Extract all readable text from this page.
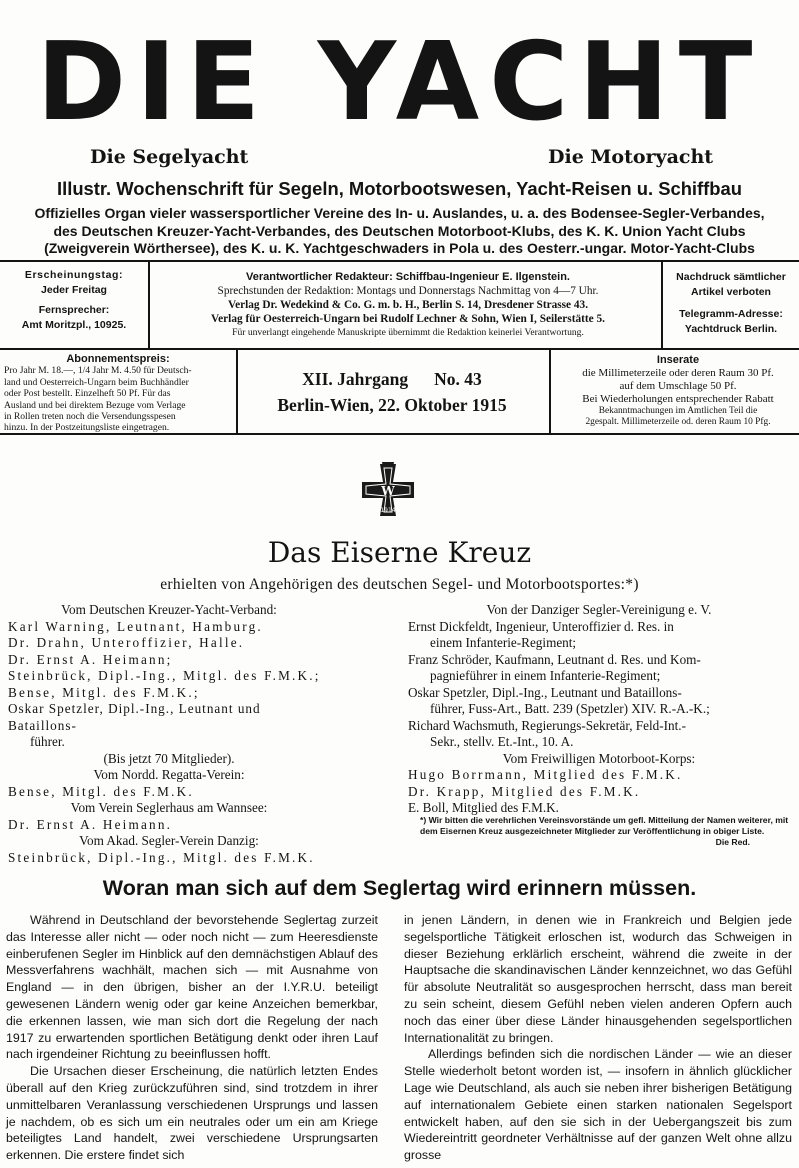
DIE YACHT
Die Segelyacht	Die Motoryacht
Illustr. Wochenschrift für Segeln, Motorbootswesen, Yacht-Reisen u. Schiffbau
Offizielles Organ vieler wassersportlicher Vereine des In- u. Auslandes, u. a. des Bodensee-Segler-Verbandes,
des Deutschen Kreuzer-Yacht-Verbandes, des Deutschen Motorboot-Klubs, des K. K. Union Yacht Clubs
(Zweigverein Wörthersee), des K. u. K. Yachtgeschwaders in Pola u. des Oesterr.-ungar. Motor-Yacht-Clubs
Erscheinungstag:
Jeder Freitag
Fernsprecher:
Amt Moritzpl., 10925.
Verantwortlicher Redakteur: Schiffbau-Ingenieur E. Ilgenstein.
Sprechstunden der Redaktion: Montags und Donnerstags Nachmittag von 4—7 Uhr.
Verlag Dr. Wedekind & Co. G. m. b. H., Berlin S. 14, Dresdener Strasse 43.
Verlag für Oesterreich-Ungarn bei Rudolf Lechner & Sohn, Wien I, Seilerstätte 5.
Für unverlangt eingehende Manuskripte übernimmt die Redaktion keinerlei Verantwortung.
Nachdruck sämtlicher
Artikel verboten
Telegramm-Adresse:
Yachtdruck Berlin.
Abonnementspreis:
Pro Jahr M. 18.—, 1/4 Jahr M. 4.50 für Deutsch-
land und Oesterreich-Ungarn beim Buchhändler
oder Post bestellt. Einzelheft 50 Pf. Für das
Ausland und bei direktem Bezuge vom Verlage
in Rollen treten noch die Versendungsspesen
hinzu. In der Postzeitungsliste eingetragen.
XII. Jahrgang No. 43
Berlin-Wien, 22. Oktober 1915
Inserate
die Millimeterzeile oder deren Raum 30 Pf.
auf dem Umschlage 50 Pf.
Bei Wiederholungen entsprechender Rabatt
Bekanntmachungen im Amtlichen Teil die
2gespalt. Millimeterzeile od. deren Raum 10 Pfg.
W
1914
Das Eiserne Kreuz
erhielten von Angehörigen des deutschen Segel- und Motorbootsportes:*)
Vom Deutschen Kreuzer-Yacht-Verband:
Karl Warning, Leutnant, Hamburg.
Dr. Drahn, Unteroffizier, Halle.
Dr. Ernst A. Heimann;
Steinbrück, Dipl.-Ing., Mitgl. des F.M.K.;
Bense, Mitgl. des F.M.K.;
Oskar Spetzler, Dipl.-Ing., Leutnant und Bataillons-
führer.
(Bis jetzt 70 Mitglieder).
Vom Nordd. Regatta-Verein:
Bense, Mitgl. des F.M.K.
Vom Verein Seglerhaus am Wannsee:
Dr. Ernst A. Heimann.
Vom Akad. Segler-Verein Danzig:
Steinbrück, Dipl.-Ing., Mitgl. des F.M.K.
Von der Danziger Segler-Vereinigung e. V.
Ernst Dickfeldt, Ingenieur, Unteroffizier d. Res. in
einem Infanterie-Regiment;
Franz Schröder, Kaufmann, Leutnant d. Res. und Kom-
pagnieführer in einem Infanterie-Regiment;
Oskar Spetzler, Dipl.-Ing., Leutnant und Bataillons-
führer, Fuss-Art., Batt. 239 (Spetzler) XIV. R.-A.-K.;
Richard Wachsmuth, Regierungs-Sekretär, Feld-Int.-
Sekr., stellv. Et.-Int., 10. A.
Vom Freiwilligen Motorboot-Korps:
Hugo Borrmann, Mitglied des F.M.K.
Dr. Krapp, Mitglied des F.M.K.
E. Boll, Mitglied des F.M.K.
*) Wir bitten die verehrlichen Vereinsvorstände um gefl. Mitteilung der Namen weiterer, mit dem Eisernen Kreuz ausgezeichneter Mitglieder zur Veröffentlichung in obiger Liste.
Die Red.
Woran man sich auf dem Seglertag wird erinnern müssen.

Während in Deutschland der bevorstehende Seglertag zurzeit das Interesse aller nicht — oder noch nicht — zum Heeresdienste einberufenen Segler im Hinblick auf den demnächstigen Ablauf des Messverfahrens wachhält, machen sich — mit Ausnahme von England — in den übrigen, bisher an der I.Y.R.U. beteiligt gewesenen Ländern wenig oder gar keine Anzeichen bemerkbar, die erkennen lassen, wie man sich dort die Regelung der nach 1917 zu erwartenden sportlichen Betätigung denkt oder ihren Lauf nach irgendeiner Richtung zu beeinflussen hofft.

Die Ursachen dieser Erscheinung, die natürlich letzten Endes überall auf den Krieg zurückzuführen sind, sind trotzdem in ihrer unmittelbaren Veranlassung verschiedenen Ursprungs und lassen je nachdem, ob es sich um ein neutrales oder um ein am Kriege beteiligtes Land handelt, zwei verschiedene Ursprungsarten erkennen. Die erstere findet sich

in jenen Ländern, in denen wie in Frankreich und Belgien jede segelsportliche Tätigkeit erloschen ist, wodurch das Schweigen in dieser Beziehung erklärlich erscheint, während die zweite in der Hauptsache die skandinavischen Länder kennzeichnet, wo das Gefühl für absolute Neutralität so ausgesprochen herrscht, dass man bereit zu sein scheint, diesem Gefühl neben vielen anderen Opfern auch noch das einer über diese Länder hinausgehenden segelsportlichen Internationalität zu bringen.

Allerdings befinden sich die nordischen Länder — wie an dieser Stelle wiederholt betont worden ist, — insofern in ähnlich glücklicher Lage wie Deutschland, als auch sie neben ihrer bisherigen Betätigung auf internationalem Gebiete einen starken nationalen Segelsport entwickelt haben, auf den sie sich in der Uebergangszeit bis zum Wiedereintritt geordneter Verhältnisse auf der ganzen Welt ohne allzu grosse
